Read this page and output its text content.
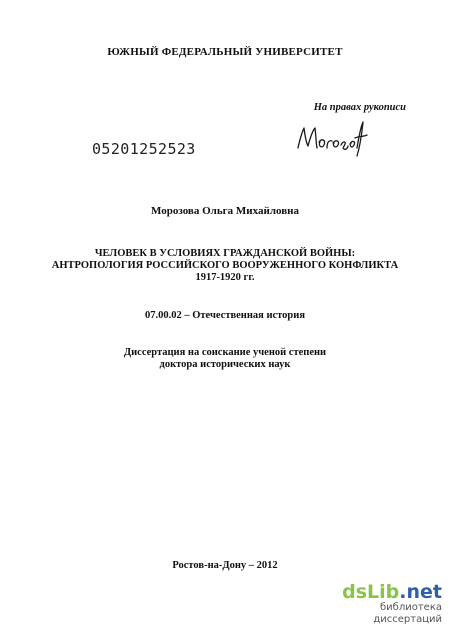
ЮЖНЫЙ ФЕДЕРАЛЬНЫЙ УНИВЕРСИТЕТ
На правах рукописи
05201252523
Морозова Ольга Михайловна
ЧЕЛОВЕК В УСЛОВИЯХ ГРАЖДАНСКОЙ ВОЙНЫ:
АНТРОПОЛОГИЯ РОССИЙСКОГО ВООРУЖЕННОГО КОНФЛИКТА
1917-1920 гг.
07.00.02 – Отечественная история
Диссертация на соискание ученой степени
доктора исторических наук
Ростов-на-Дону – 2012
dsLib.net
библиотека диссертаций
